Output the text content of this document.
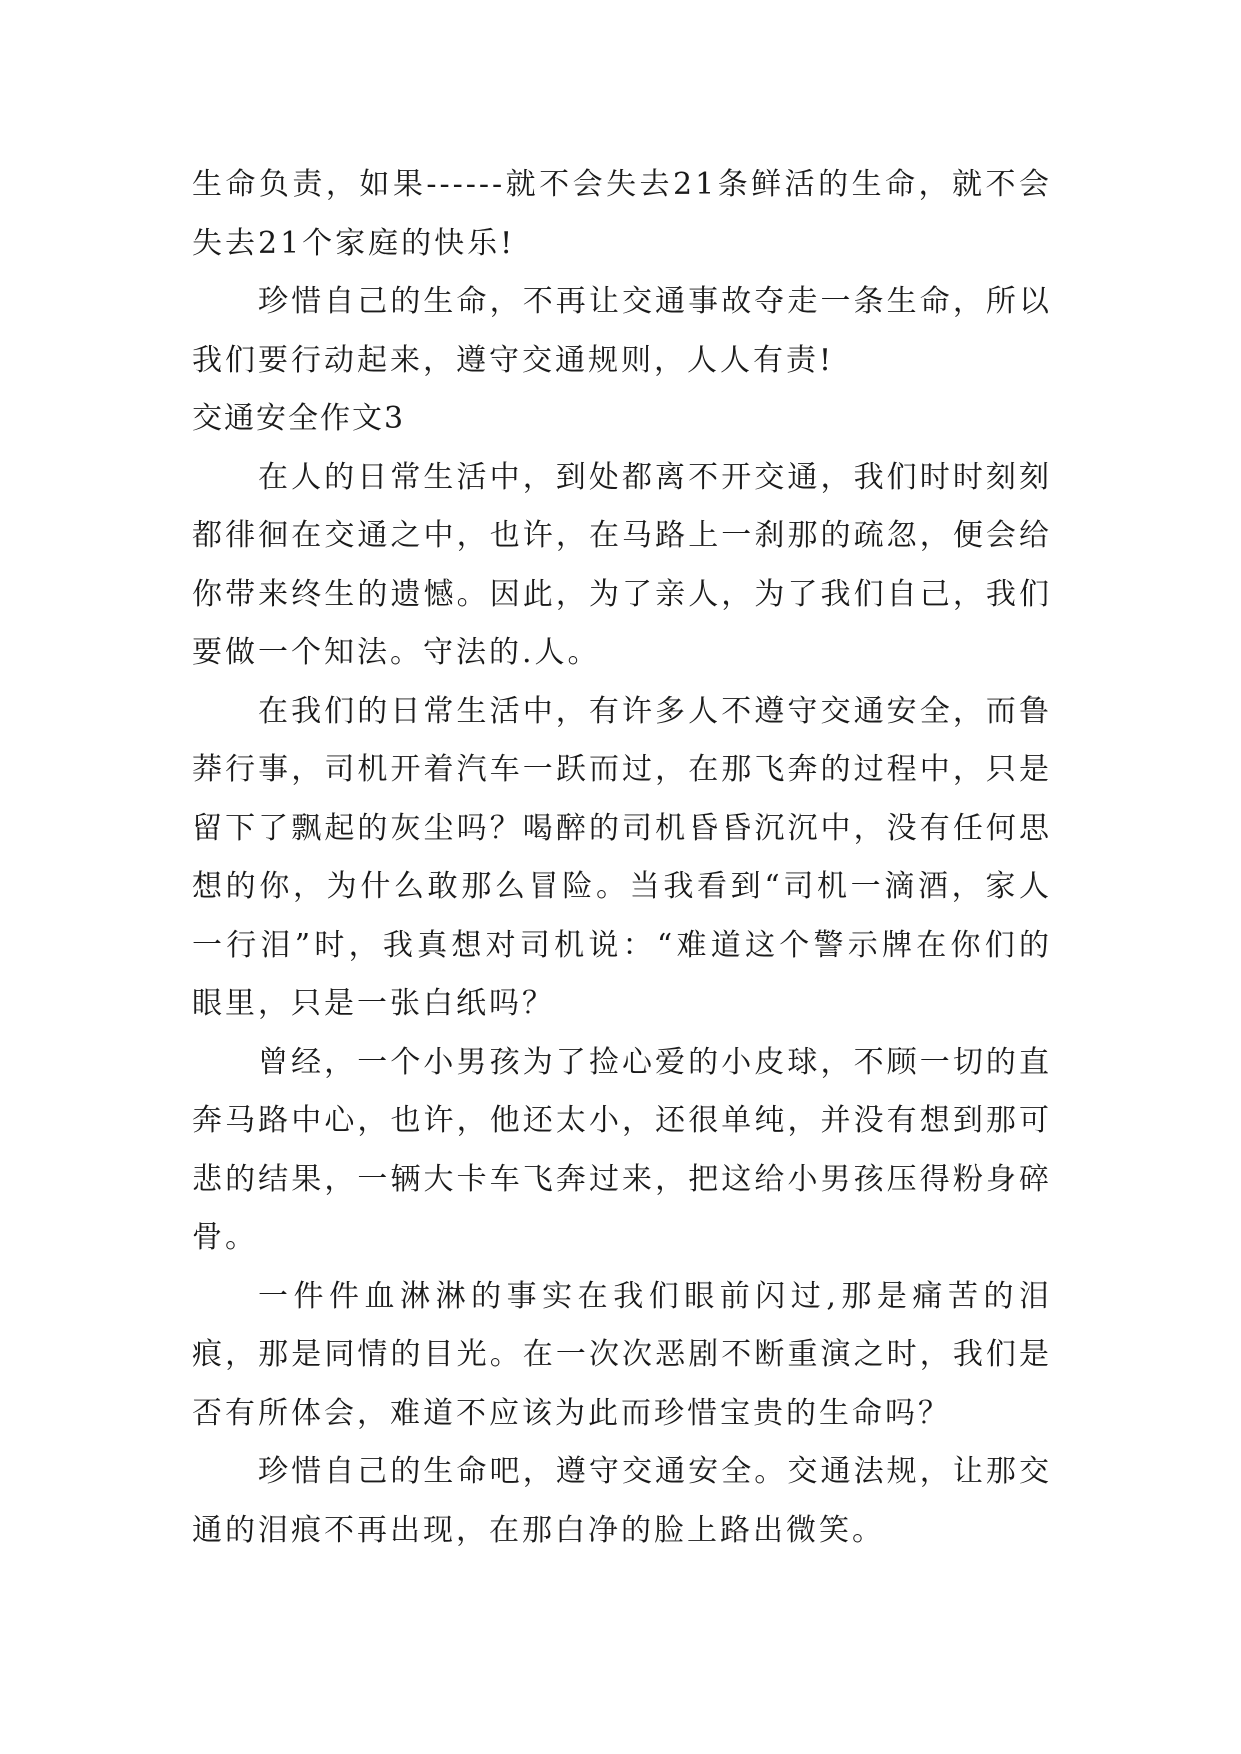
生命负责，如果------就不会失去21条鲜活的生命，就不会失去21个家庭的快乐!

珍惜自己的生命，不再让交通事故夺走一条生命，所以我们要行动起来，遵守交通规则，人人有责!

交通安全作文3

在人的日常生活中，到处都离不开交通，我们时时刻刻都徘徊在交通之中，也许，在马路上一刹那的疏忽，便会给你带来终生的遗憾。因此，为了亲人，为了我们自己，我们要做一个知法。守法的.人。

在我们的日常生活中，有许多人不遵守交通安全，而鲁莽行事，司机开着汽车一跃而过，在那飞奔的过程中，只是留下了飘起的灰尘吗？喝醉的司机昏昏沉沉中，没有任何思想的你，为什么敢那么冒险。当我看到“司机一滴酒，家人一行泪”时，我真想对司机说：“难道这个警示牌在你们的眼里，只是一张白纸吗？

曾经，一个小男孩为了捡心爱的小皮球，不顾一切的直奔马路中心，也许，他还太小，还很单纯，并没有想到那可悲的结果，一辆大卡车飞奔过来，把这给小男孩压得粉身碎骨。

一件件血淋淋的事实在我们眼前闪过,那是痛苦的泪痕，那是同情的目光。在一次次恶剧不断重演之时，我们是否有所体会，难道不应该为此而珍惜宝贵的生命吗？

珍惜自己的生命吧，遵守交通安全。交通法规，让那交通的泪痕不再出现，在那白净的脸上路出微笑。
